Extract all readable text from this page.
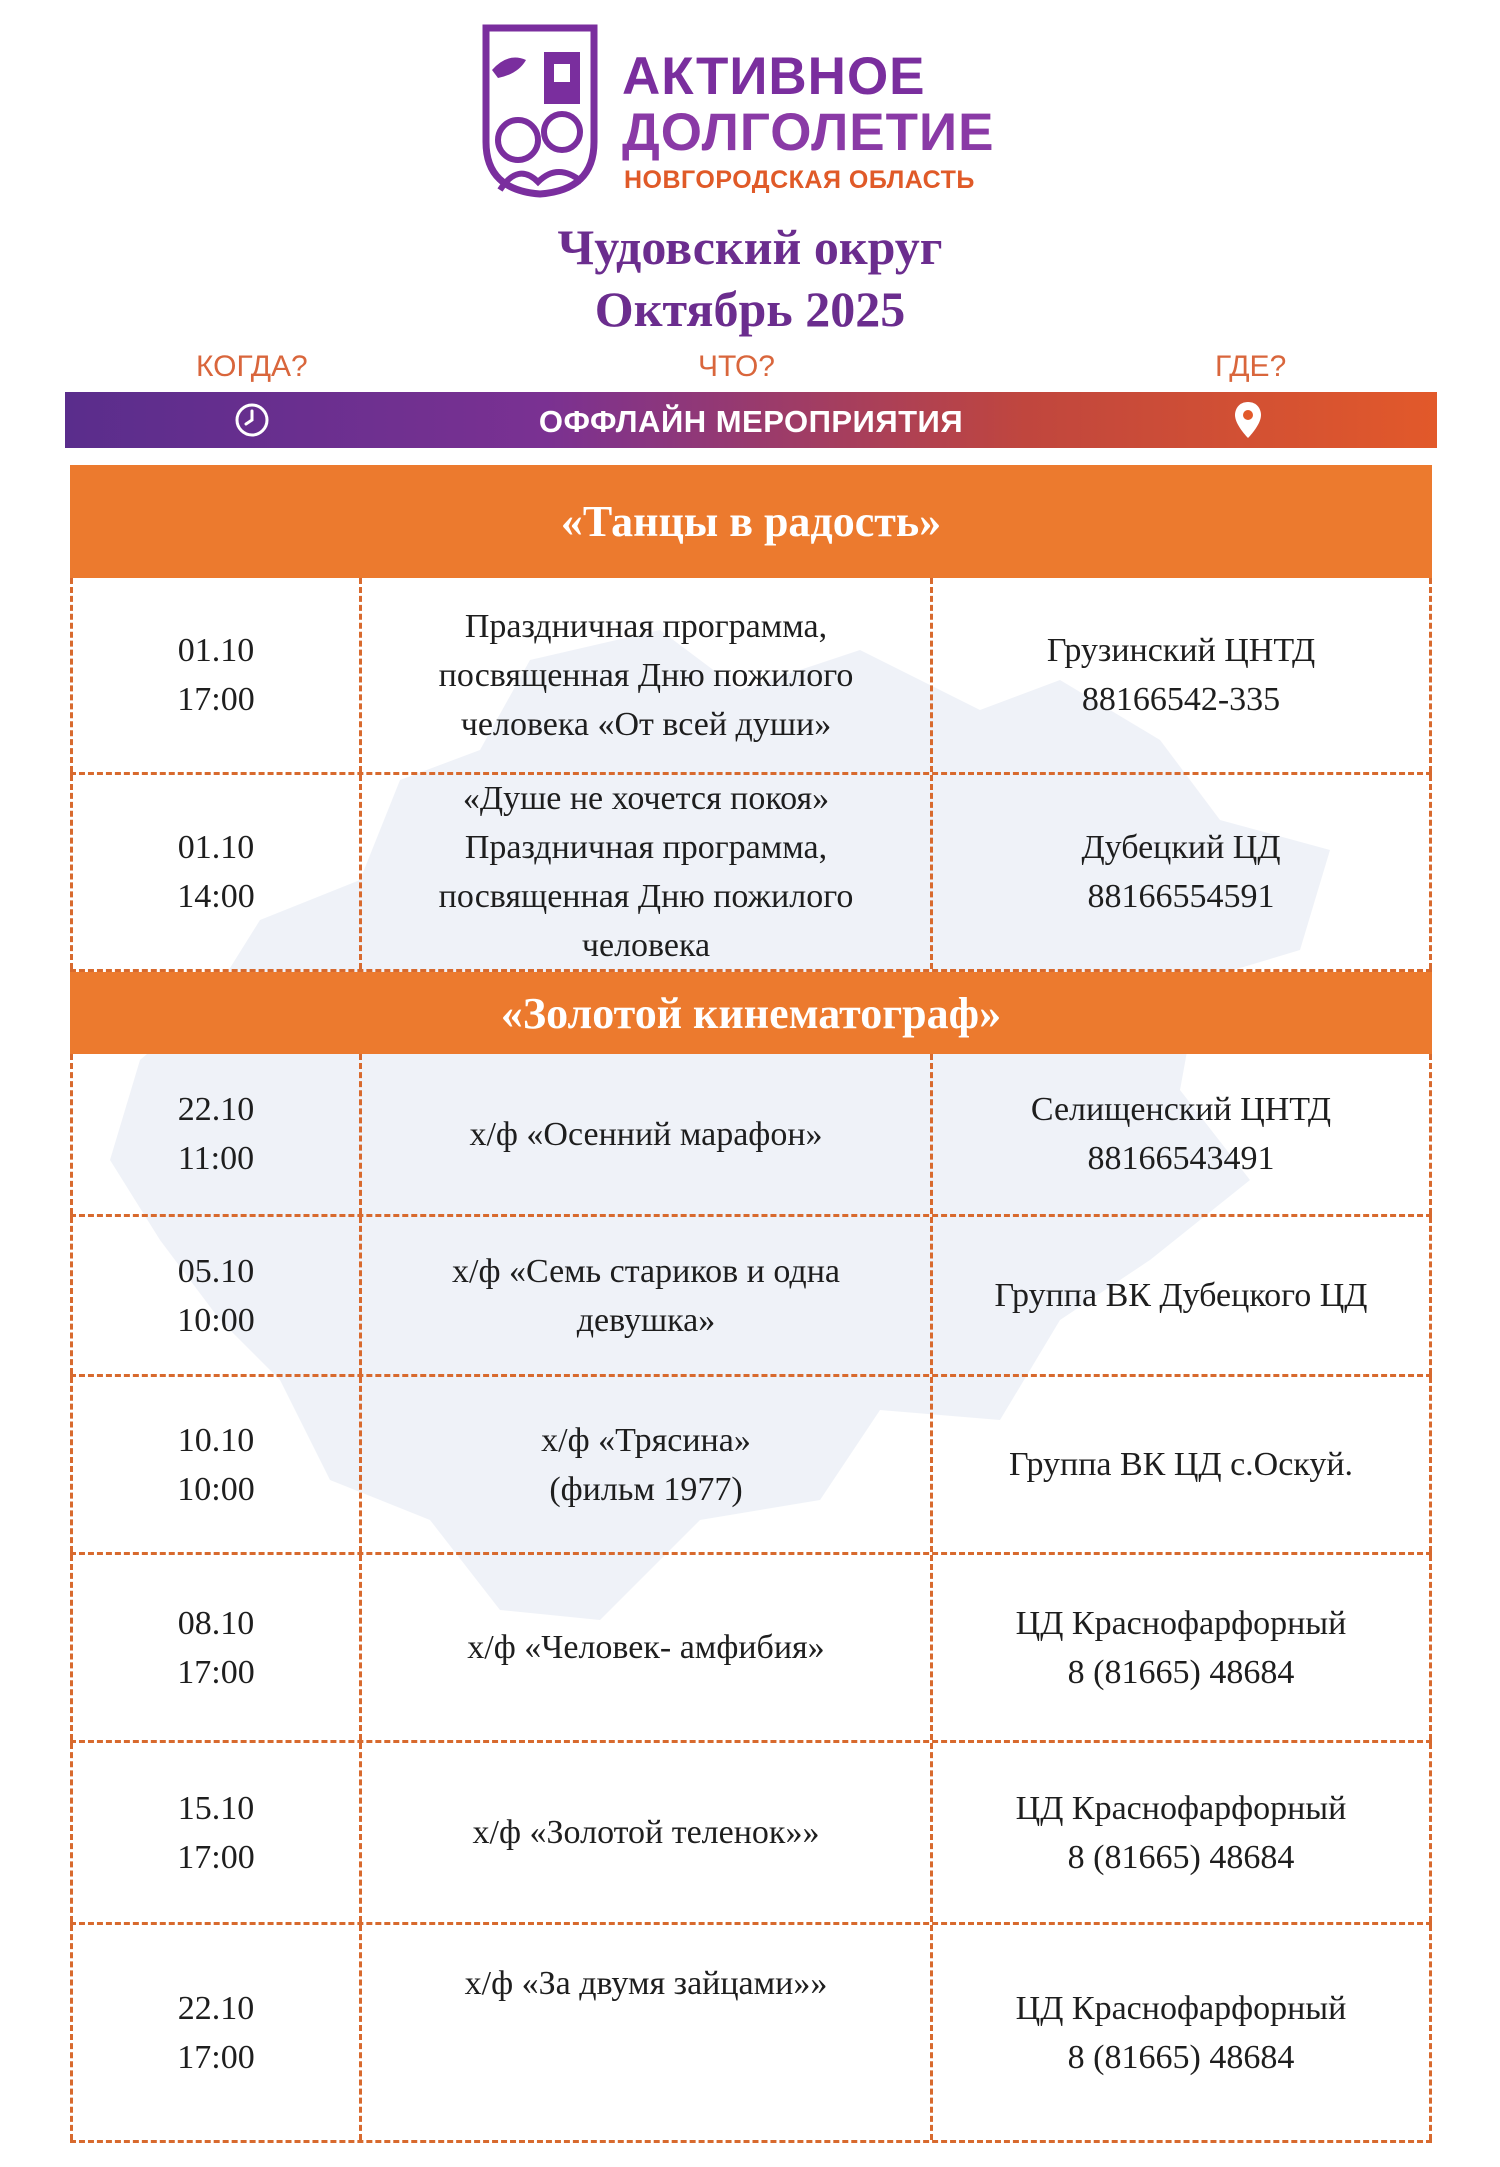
АКТИВНОЕ
ДОЛГОЛЕТИЕ
НОВГОРОДСКАЯ ОБЛАСТЬ
Чудовский округ
Октябрь 2025
КОГДА?	ЧТО?	ГДЕ?
ОФФЛАЙН МЕРОПРИЯТИЯ
«Танцы в радость»
01.10
17:00
Праздничная программа,
посвященная Дню пожилого
человека «От всей души»
Грузинский ЦНТД
88166542-335
01.10
14:00
«Душе не хочется покоя»
Праздничная программа,
посвященная Дню пожилого
человека
Дубецкий ЦД
88166554591
«Золотой кинематограф»
22.10
11:00
х/ф «Осенний марафон»
Селищенский ЦНТД
88166543491
05.10
10:00
х/ф «Семь стариков и одна
девушка»
Группа ВК Дубецкого ЦД
10.10
10:00
х/ф «Трясина»
(фильм 1977)
Группа ВК ЦД с.Оскуй.
08.10
17:00
х/ф «Человек- амфибия»
ЦД Краснофарфорный
8 (81665) 48684
15.10
17:00
х/ф «Золотой теленок»»
ЦД Краснофарфорный
8 (81665) 48684
22.10
17:00
х/ф «За двумя зайцами»»
ЦД Краснофарфорный
8 (81665) 48684
